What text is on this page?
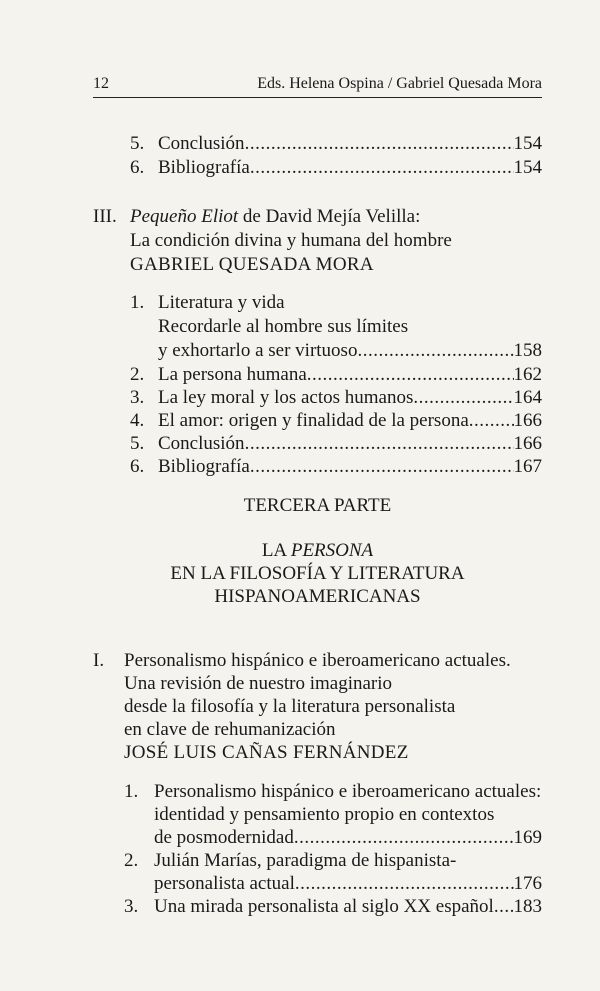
12	Eds. Helena Ospina / Gabriel Quesada Mora
5. Conclusión .....	154
6. Bibliografía .....	154
III. Pequeño Eliot de David Mejía Velilla:
La condición divina y humana del hombre
GABRIEL QUESADA MORA
1. Literatura y vida
Recordarle al hombre sus límites
y exhortarlo a ser virtuoso .....	158
2. La persona humana .....	162
3. La ley moral y los actos humanos .....	164
4. El amor: origen y finalidad de la persona ..... 166
5. Conclusión .....	166
6. Bibliografía .....	167
TERCERA PARTE
LA PERSONA
EN LA FILOSOFÍA Y LITERATURA
HISPANOAMERICANAS
I. Personalismo hispánico e iberoamericano actuales.
Una revisión de nuestro imaginario
desde la filosofía y la literatura personalista
en clave de rehumanización
JOSÉ LUIS CAÑAS FERNÁNDEZ
1. Personalismo hispánico e iberoamericano actuales:
identidad y pensamiento propio en contextos
de posmodernidad .....	169
2. Julián Marías, paradigma de hispanista-
personalista actual .....	176
3. Una mirada personalista al siglo XX español ..... 183
